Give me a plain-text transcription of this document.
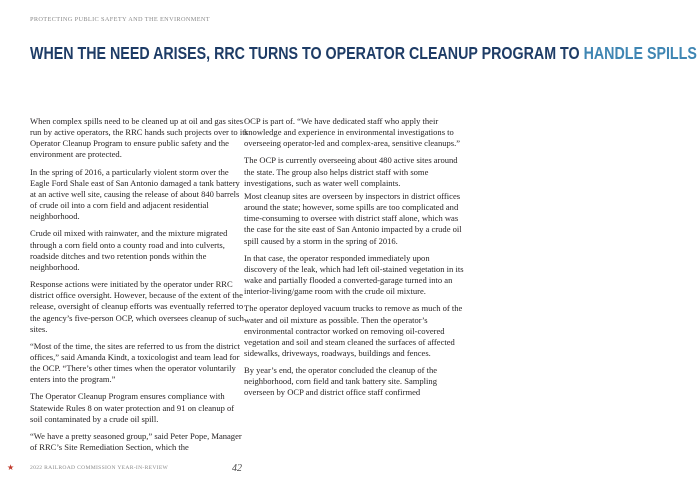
PROTECTING PUBLIC SAFETY AND THE ENVIRONMENT
WHEN THE NEED ARISES, RRC TURNS TO OPERATOR CLEANUP PROGRAM TO HANDLE SPILLS

When complex spills need to be cleaned up at oil and gas sites run by active operators, the RRC hands such projects over to its Operator Cleanup Program to ensure public safety and the environment are protected.

In the spring of 2016, a particularly violent storm over the Eagle Ford Shale east of San Antonio damaged a tank battery at an active well site, causing the release of about 840 barrels of crude oil into a corn field and adjacent residential neighborhood.

Crude oil mixed with rainwater, and the mixture migrated through a corn field onto a county road and into culverts, roadside ditches and two retention ponds within the neighborhood.

Response actions were initiated by the operator under RRC district office oversight. However, because of the extent of the release, oversight of cleanup efforts was eventually referred to the agency’s five-person OCP, which oversees cleanup of such sites.

“Most of the time, the sites are referred to us from the district offices,” said Amanda Kindt, a toxicologist and team lead for the OCP. “There’s other times when the operator voluntarily enters into the program.”

The Operator Cleanup Program ensures compliance with Statewide Rules 8 on water protection and 91 on cleanup of soil contaminated by a crude oil spill.

“We have a pretty seasoned group,” said Peter Pope, Manager of RRC’s Site Remediation Section, which the

OCP is part of. “We have dedicated staff who apply their knowledge and experience in environmental investigations to overseeing operator-led and complex-area, sensitive cleanups.”

The OCP is currently overseeing about 480 active sites around the state. The group also helps district staff with some investigations, such as water well complaints.

Most cleanup sites are overseen by inspectors in district offices around the state; however, some spills are too complicated and time-consuming to oversee with district staff alone, which was the case for the site east of San Antonio impacted by a crude oil spill caused by a storm in the spring of 2016.

In that case, the operator responded immediately upon discovery of the leak, which had left oil-stained vegetation in its wake and partially flooded a converted-garage turned into an interior-living/game room with the crude oil mixture.

The operator deployed vacuum trucks to remove as much of the water and oil mixture as possible. Then the operator’s environmental contractor worked on removing oil-covered vegetation and soil and steam cleaned the surfaces of affected sidewalks, driveways, roadways, buildings and fences.

By year’s end, the operator concluded the cleanup of the neighborhood, corn field and tank battery site. Sampling overseen by OCP and district office staff confirmed

★	2022 RAILROAD COMMISSION YEAR-IN-REVIEW	42
